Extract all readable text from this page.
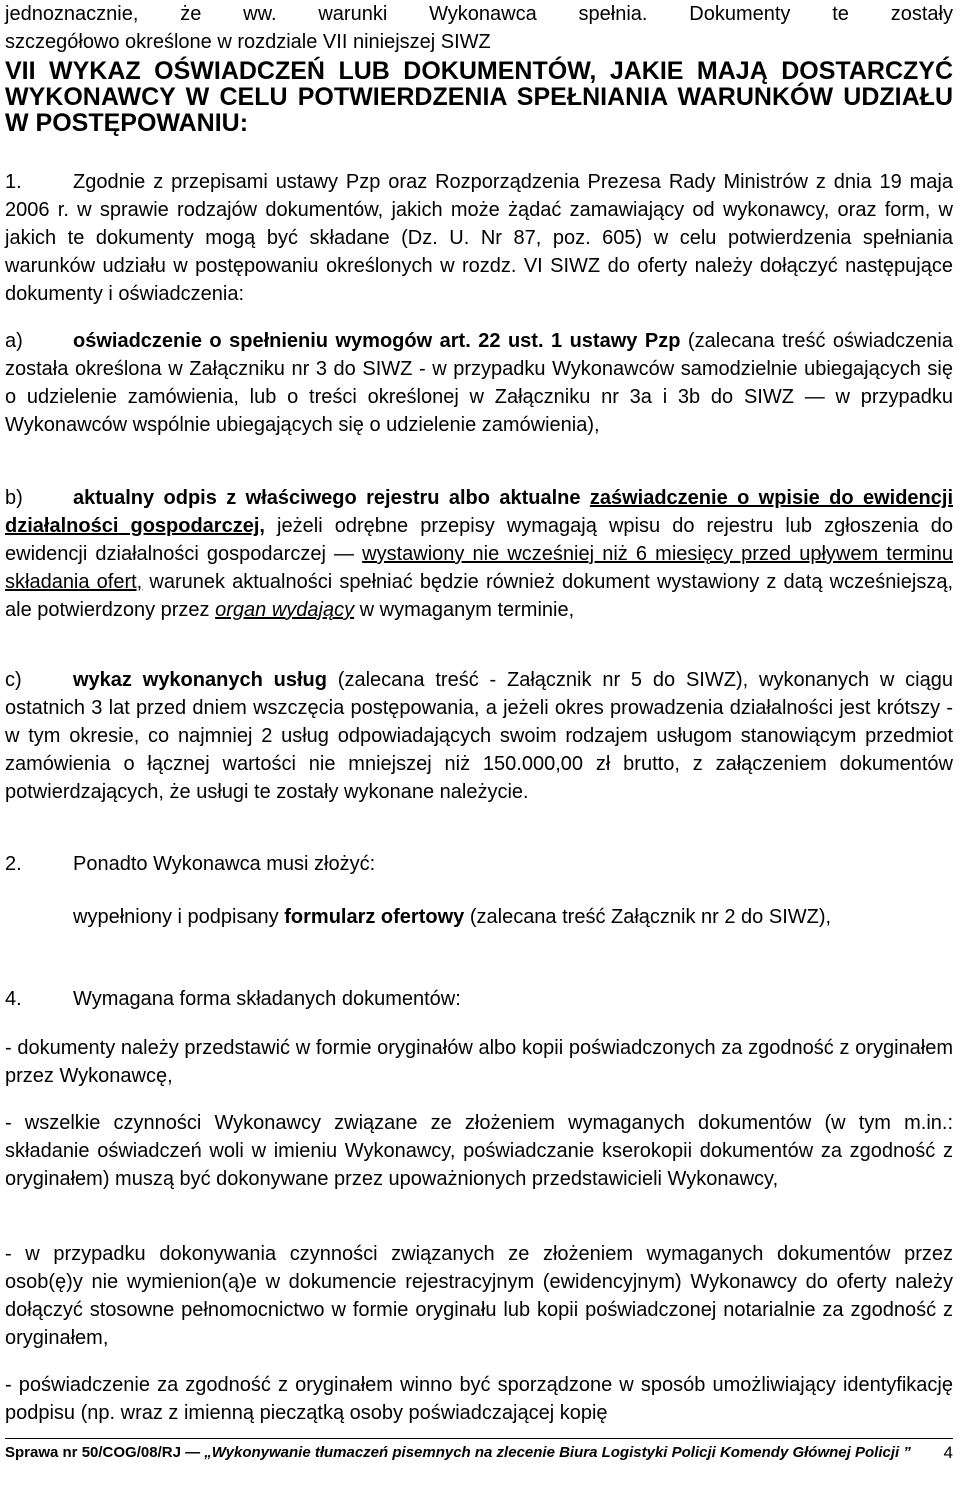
jednoznacznie, że ww. warunki Wykonawca spełnia. Dokumenty te zostały
szczegółowo określone w rozdziale VII niniejszej SIWZ

VII WYKAZ OŚWIADCZEŃ LUB DOKUMENTÓW, JAKIE MAJĄ DOSTARCZYĆ WYKONAWCY W CELU POTWIERDZENIA SPEŁNIANIA WARUNKÓW UDZIAŁU W POSTĘPOWANIU:

1.	Zgodnie z przepisami ustawy Pzp oraz Rozporządzenia Prezesa Rady Ministrów z dnia 19 maja 2006 r. w sprawie rodzajów dokumentów, jakich może żądać zamawiający od wykonawcy, oraz form, w jakich te dokumenty mogą być składane (Dz. U. Nr 87, poz. 605) w celu potwierdzenia spełniania warunków udziału w postępowaniu określonych w rozdz. VI SIWZ do oferty należy dołączyć następujące dokumenty i oświadczenia:

a)	oświadczenie o spełnieniu wymogów art. 22 ust. 1 ustawy Pzp (zalecana treść oświadczenia została określona w Załączniku nr 3 do SIWZ - w przypadku Wykonawców samodzielnie ubiegających się o udzielenie zamówienia, lub o treści określonej w Załączniku nr 3a i 3b do SIWZ ― w przypadku Wykonawców wspólnie ubiegających się o udzielenie zamówienia),

b)	aktualny odpis z właściwego rejestru albo aktualne zaświadczenie o wpisie do ewidencji działalności gospodarczej, jeżeli odrębne przepisy wymagają wpisu do rejestru lub zgłoszenia do ewidencji działalności gospodarczej ― wystawiony nie wcześniej niż 6 miesięcy przed upływem terminu składania ofert, warunek aktualności spełniać będzie również dokument wystawiony z datą wcześniejszą, ale potwierdzony przez organ wydający w wymaganym terminie,

c)	wykaz wykonanych usług (zalecana treść - Załącznik nr 5 do SIWZ), wykonanych w ciągu ostatnich 3 lat przed dniem wszczęcia postępowania, a jeżeli okres prowadzenia działalności jest krótszy - w tym okresie, co najmniej 2 usług odpowiadających swoim rodzajem usługom stanowiącym przedmiot zamówienia o łącznej wartości nie mniejszej niż 150.000,00 zł brutto, z załączeniem dokumentów potwierdzających, że usługi te zostały wykonane należycie.

2.	Ponadto Wykonawca musi złożyć:

wypełniony i podpisany formularz ofertowy (zalecana treść Załącznik nr 2 do SIWZ),

4.	Wymagana forma składanych dokumentów:

- dokumenty należy przedstawić w formie oryginałów albo kopii poświadczonych za zgodność z oryginałem przez Wykonawcę,

- wszelkie czynności Wykonawcy związane ze złożeniem wymaganych dokumentów (w tym m.in.: składanie oświadczeń woli w imieniu Wykonawcy, poświadczanie kserokopii dokumentów za zgodność z oryginałem) muszą być dokonywane przez upoważnionych przedstawicieli Wykonawcy,

- w przypadku dokonywania czynności związanych ze złożeniem wymaganych dokumentów przez osob(ę)y nie wymienion(ą)e w dokumencie rejestracyjnym (ewidencyjnym) Wykonawcy do oferty należy dołączyć stosowne pełnomocnictwo w formie oryginału lub kopii poświadczonej notarialnie za zgodność z oryginałem,

- poświadczenie za zgodność z oryginałem winno być sporządzone w sposób umożliwiający identyfikację podpisu (np. wraz z imienną pieczątką osoby poświadczającej kopię

Sprawa nr 50/COG/08/RJ ― „Wykonywanie tłumaczeń pisemnych na zlecenie Biura Logistyki Policji Komendy Głównej Policji ” 4
